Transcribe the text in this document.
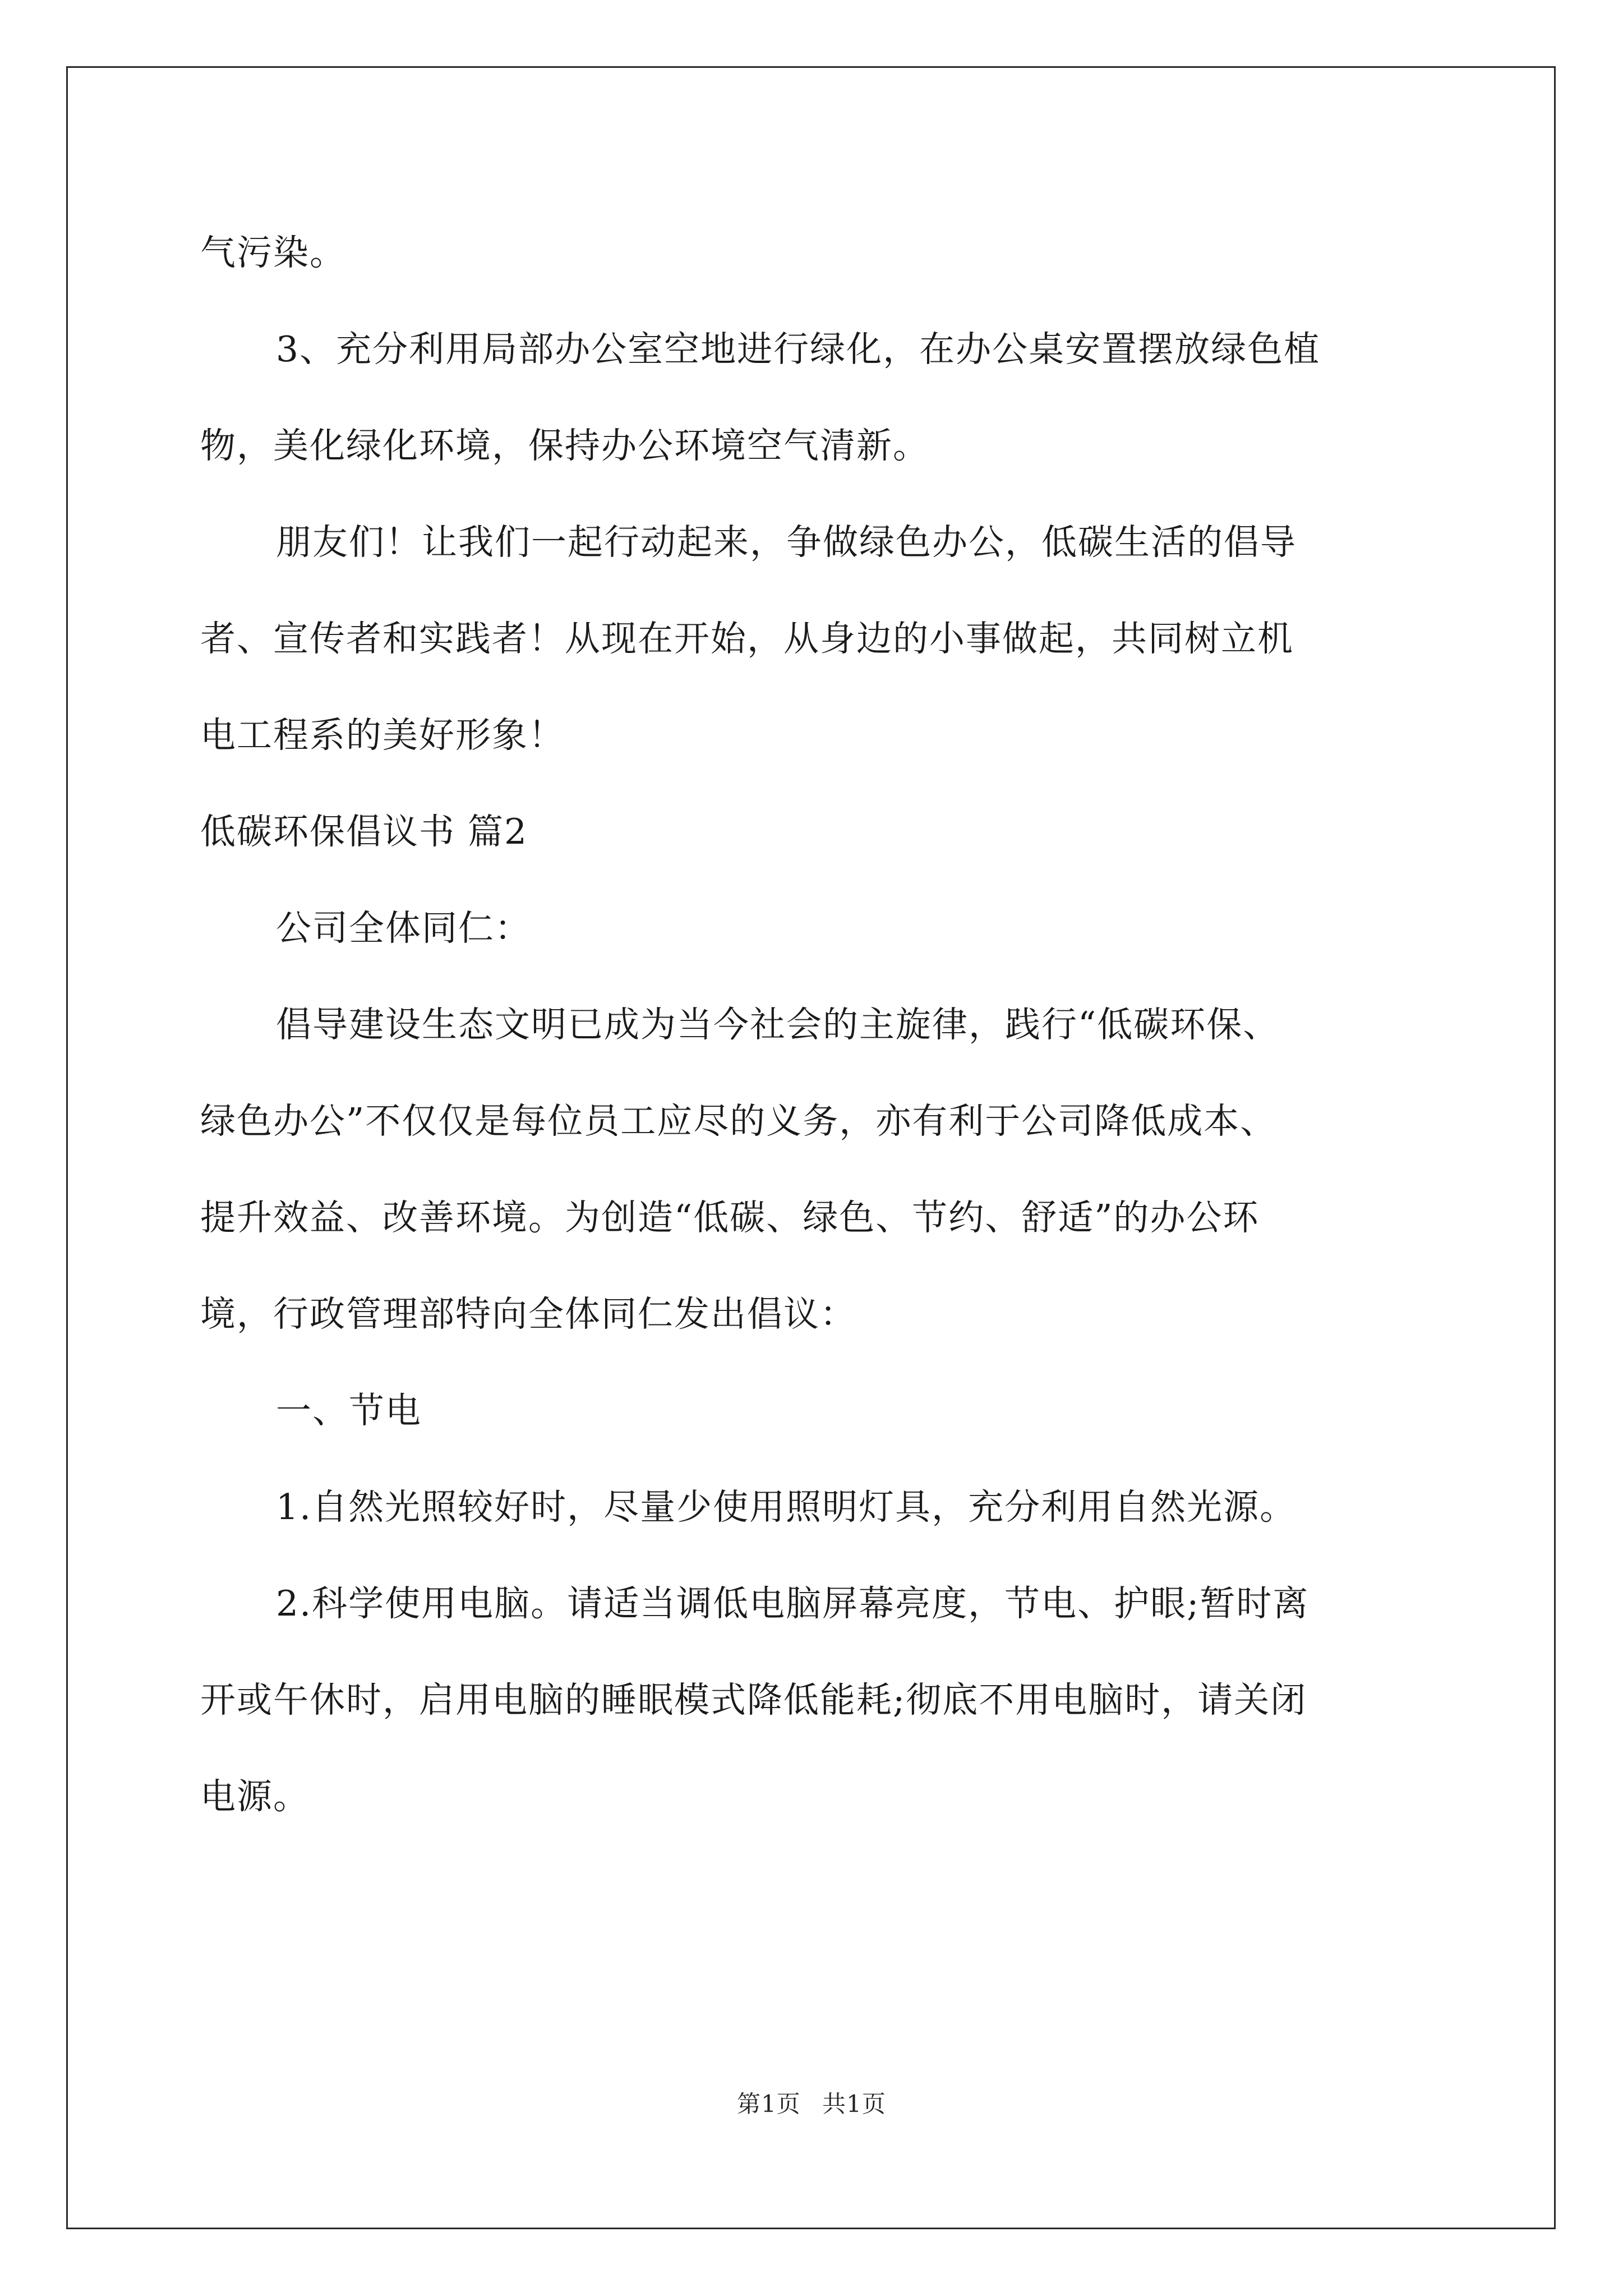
气污染。
3、充分利用局部办公室空地进行绿化，在办公桌安置摆放绿色植
物，美化绿化环境，保持办公环境空气清新。
朋友们！让我们一起行动起来，争做绿色办公，低碳生活的倡导
者、宣传者和实践者！从现在开始，从身边的小事做起，共同树立机
电工程系的美好形象！
低碳环保倡议书 篇2
公司全体同仁：
倡导建设生态文明已成为当今社会的主旋律，践行“低碳环保、
绿色办公”不仅仅是每位员工应尽的义务，亦有利于公司降低成本、
提升效益、改善环境。为创造“低碳、绿色、节约、舒适”的办公环
境，行政管理部特向全体同仁发出倡议：
一、节电
1.自然光照较好时，尽量少使用照明灯具，充分利用自然光源。
2.科学使用电脑。请适当调低电脑屏幕亮度，节电、护眼;暂时离
开或午休时，启用电脑的睡眠模式降低能耗;彻底不用电脑时，请关闭
电源。
第1页 共1页
